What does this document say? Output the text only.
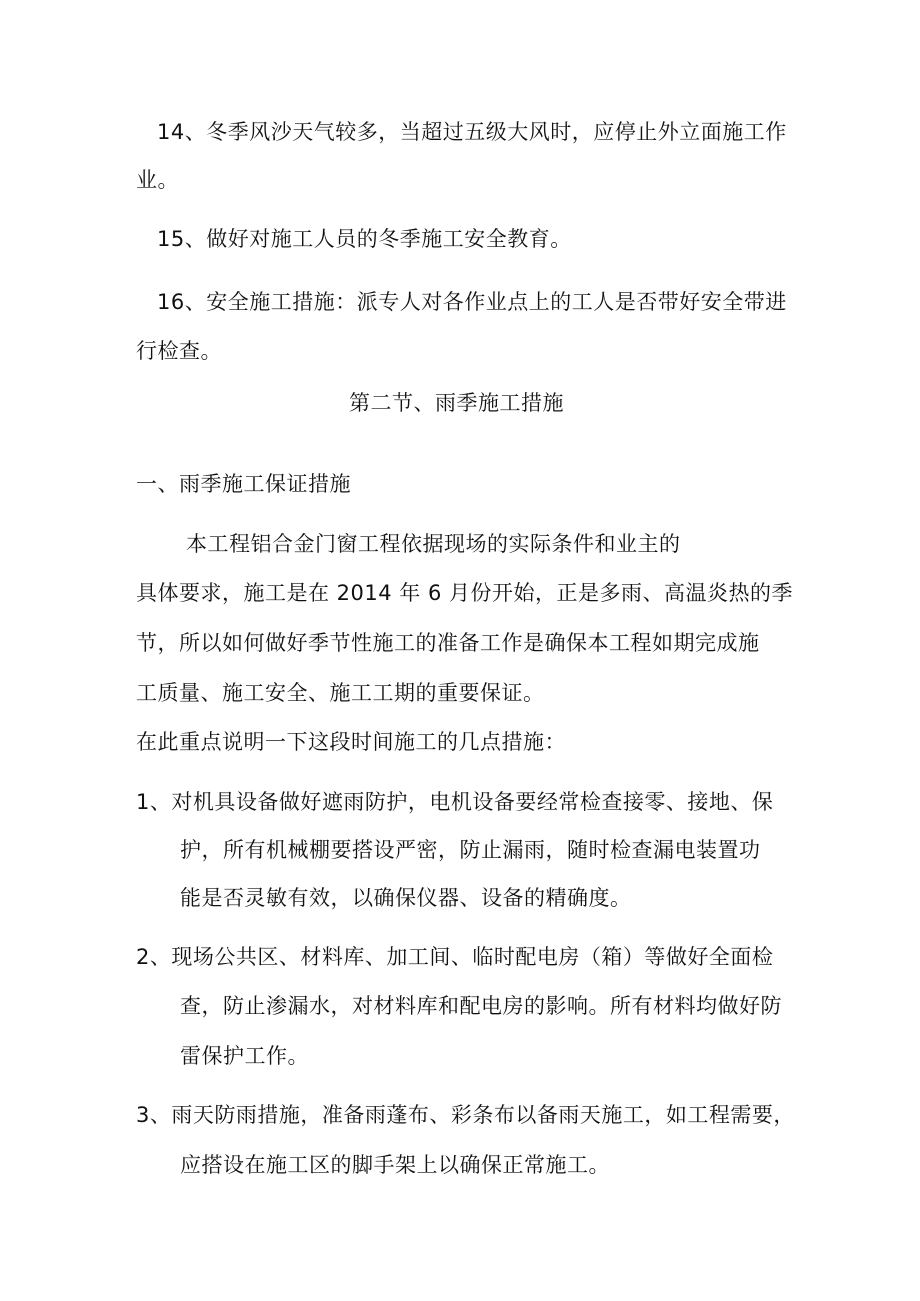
14、冬季风沙天气较多，当超过五级大风时，应停止外立面施工作
业。
15、做好对施工人员的冬季施工安全教育。
16、安全施工措施：派专人对各作业点上的工人是否带好安全带进
行检查。
第二节、雨季施工措施
一、雨季施工保证措施
本工程铝合金门窗工程依据现场的实际条件和业主的
具体要求，施工是在 2014 年 6 月份开始，正是多雨、高温炎热的季
节，所以如何做好季节性施工的准备工作是确保本工程如期完成施
工质量、施工安全、施工工期的重要保证。
在此重点说明一下这段时间施工的几点措施：
1、对机具设备做好遮雨防护，电机设备要经常检查接零、接地、保
护，所有机械棚要搭设严密，防止漏雨，随时检查漏电装置功
能是否灵敏有效，以确保仪器、设备的精确度。
2、现场公共区、材料库、加工间、临时配电房（箱）等做好全面检
查，防止渗漏水，对材料库和配电房的影响。所有材料均做好防
雷保护工作。
3、雨天防雨措施，准备雨蓬布、彩条布以备雨天施工，如工程需要，
应搭设在施工区的脚手架上以确保正常施工。
